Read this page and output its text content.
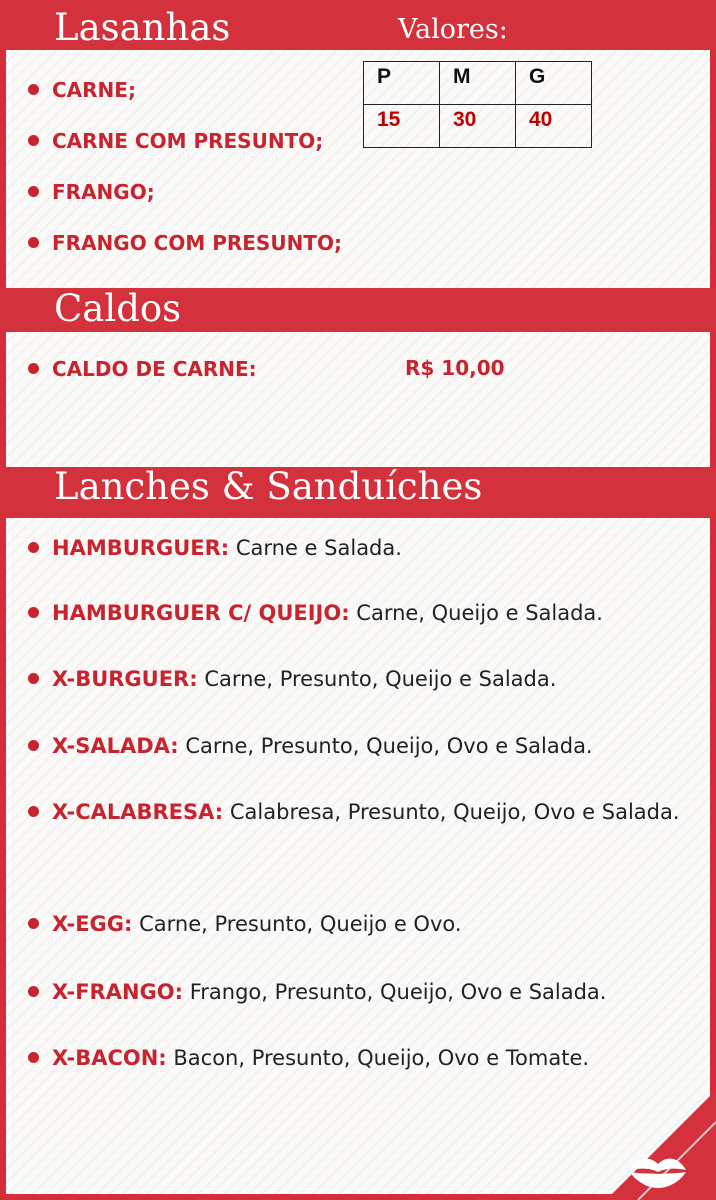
Lasanhas	Valores:
CARNE;
CARNE COM PRESUNTO;
FRANGO;
FRANGO COM PRESUNTO;
P	M	G
15	30	40
Caldos
CALDO DE CARNE:	R$ 10,00
Lanches & Sanduíches
HAMBURGUER: Carne e Salada.
HAMBURGUER C/ QUEIJO: Carne, Queijo e Salada.
X-BURGUER: Carne, Presunto, Queijo e Salada.
X-SALADA: Carne, Presunto, Queijo, Ovo e Salada.
X-CALABRESA: Calabresa, Presunto, Queijo, Ovo e Salada.
X-EGG: Carne, Presunto, Queijo e Ovo.
X-FRANGO: Frango, Presunto, Queijo, Ovo e Salada.
X-BACON: Bacon, Presunto, Queijo, Ovo e Tomate.
